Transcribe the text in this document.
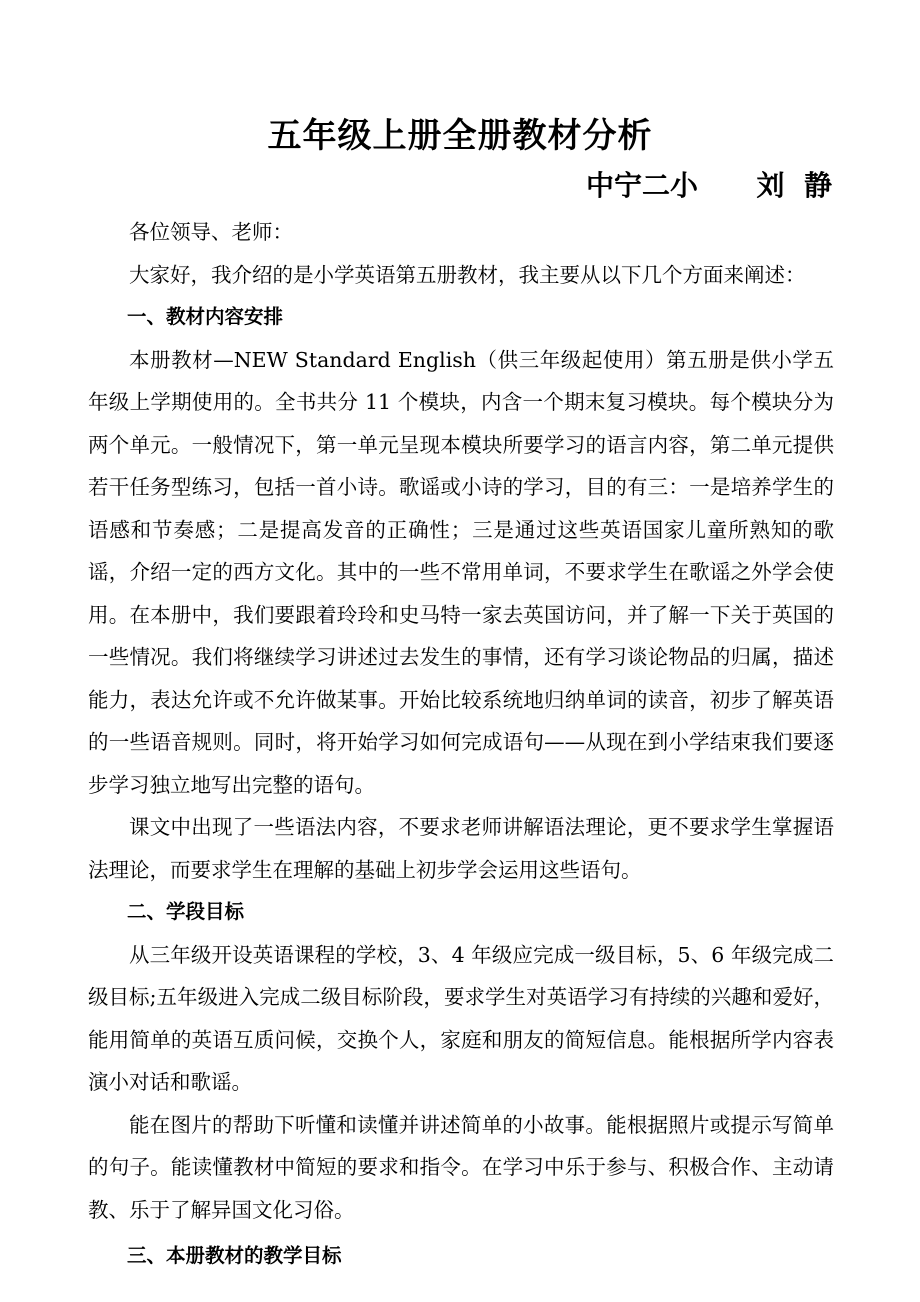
五年级上册全册教材分析
中宁二小      刘  静

各位领导、老师：

大家好，我介绍的是小学英语第五册教材，我主要从以下几个方面来阐述：

一、教材内容安排

本册教材—NEW Standard English（供三年级起使用）第五册是供小学五年级上学期使用的。全书共分 11 个模块，内含一个期末复习模块。每个模块分为两个单元。一般情况下，第一单元呈现本模块所要学习的语言内容，第二单元提供若干任务型练习，包括一首小诗。歌谣或小诗的学习，目的有三：一是培养学生的语感和节奏感；二是提高发音的正确性；三是通过这些英语国家儿童所熟知的歌谣，介绍一定的西方文化。其中的一些不常用单词，不要求学生在歌谣之外学会使用。在本册中，我们要跟着玲玲和史马特一家去英国访问，并了解一下关于英国的一些情况。我们将继续学习讲述过去发生的事情，还有学习谈论物品的归属，描述能力，表达允许或不允许做某事。开始比较系统地归纳单词的读音，初步了解英语的一些语音规则。同时，将开始学习如何完成语句——从现在到小学结束我们要逐步学习独立地写出完整的语句。

课文中出现了一些语法内容，不要求老师讲解语法理论，更不要求学生掌握语法理论，而要求学生在理解的基础上初步学会运用这些语句。

二、学段目标

从三年级开设英语课程的学校，3、4 年级应完成一级目标，5、6 年级完成二级目标;五年级进入完成二级目标阶段，要求学生对英语学习有持续的兴趣和爱好，能用简单的英语互质问候，交换个人，家庭和朋友的简短信息。能根据所学内容表演小对话和歌谣。

能在图片的帮助下听懂和读懂并讲述简单的小故事。能根据照片或提示写简单的句子。能读懂教材中简短的要求和指令。在学习中乐于参与、积极合作、主动请教、乐于了解异国文化习俗。

三、本册教材的教学目标
